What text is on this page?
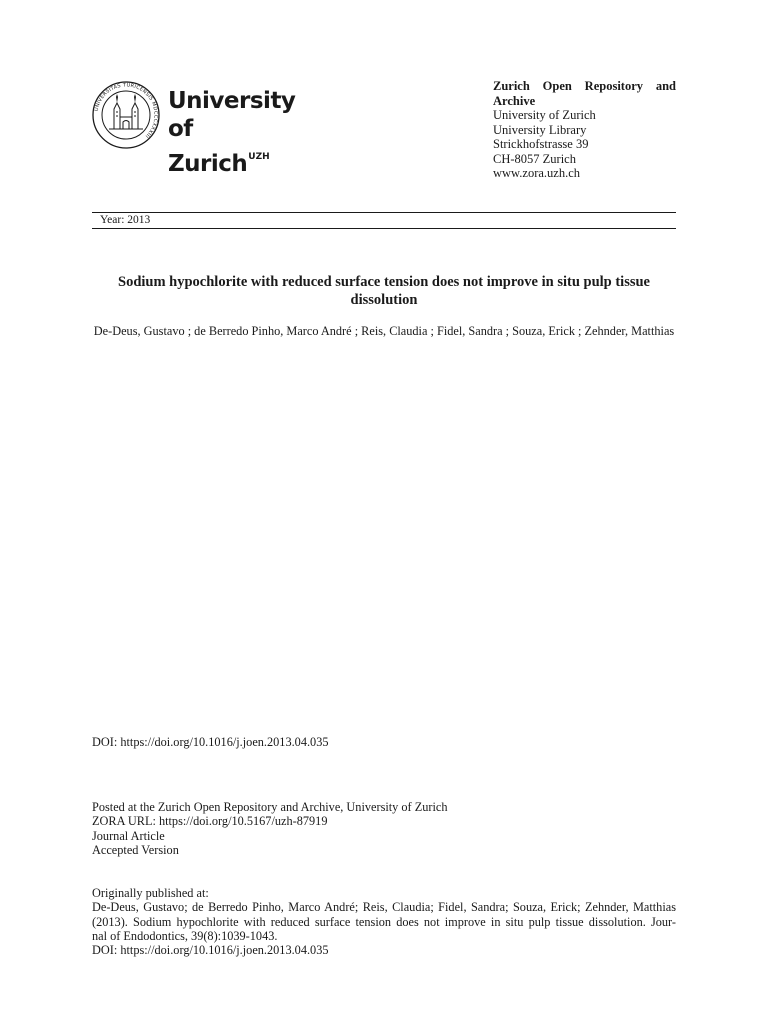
UNIVERSITAS TURICENSIS MDCCCXXXIII
University of
Zurich$^{UZH}$
Zurich Open Repository and Archive
University of Zurich
University Library
Strickhofstrasse 39
CH-8057 Zurich
www.zora.uzh.ch
Year: 2013
Sodium hypochlorite with reduced surface tension does not improve in situ pulp tissue dissolution
De-Deus, Gustavo ; de Berredo Pinho, Marco André ; Reis, Claudia ; Fidel, Sandra ; Souza, Erick ; Zehnder, Matthias
DOI: https://doi.org/10.1016/j.joen.2013.04.035
Posted at the Zurich Open Repository and Archive, University of Zurich
ZORA URL: https://doi.org/10.5167/uzh-87919
Journal Article
Accepted Version
Originally published at:
De-Deus, Gustavo; de Berredo Pinho, Marco André; Reis, Claudia; Fidel, Sandra; Souza, Erick; Zehnder, Matthias
(2013). Sodium hypochlorite with reduced surface tension does not improve in situ pulp tissue dissolution. Jour-
nal of Endodontics, 39(8):1039-1043.
DOI: https://doi.org/10.1016/j.joen.2013.04.035
